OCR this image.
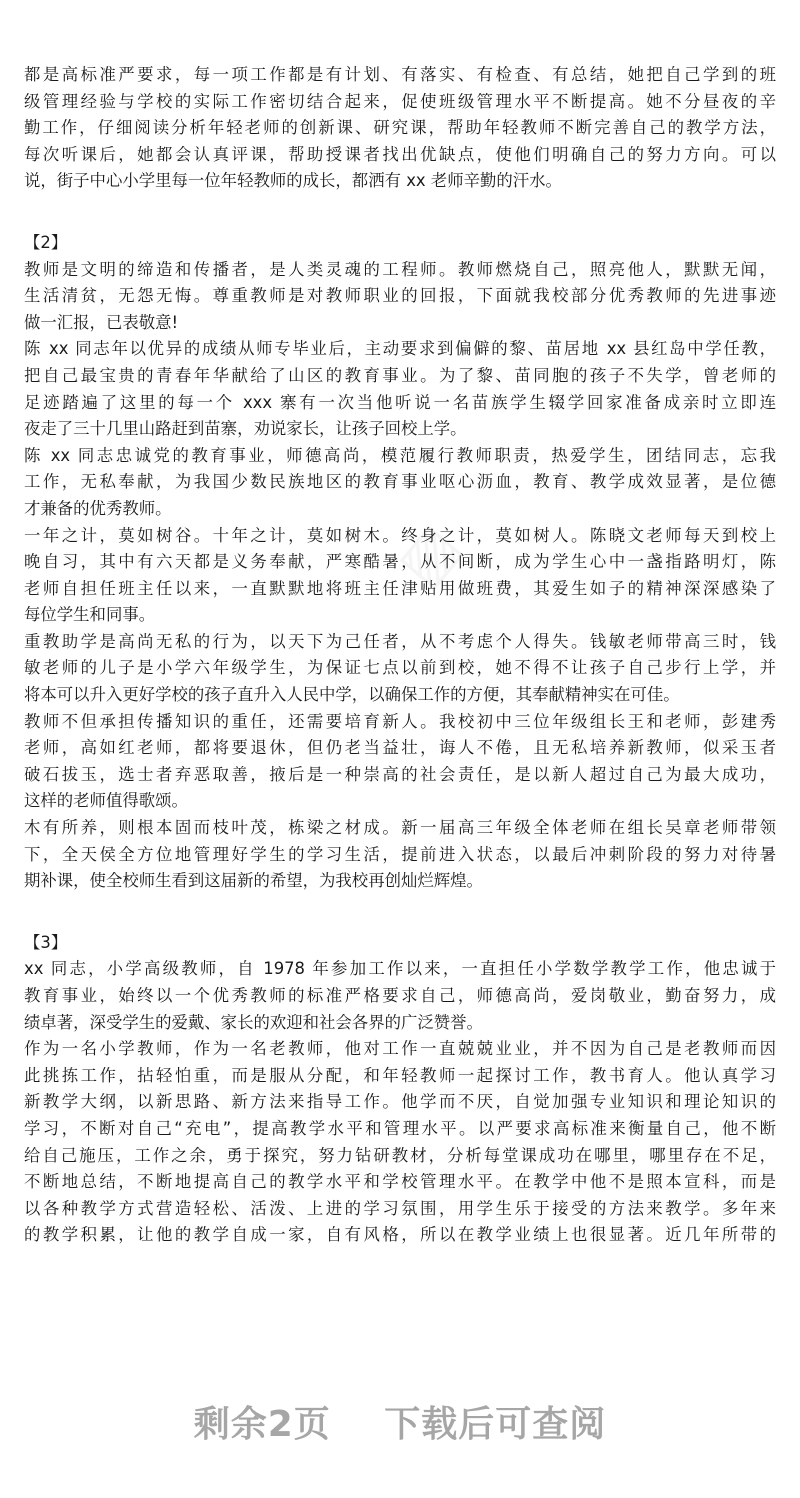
都是高标准严要求，每一项工作都是有计划、有落实、有检查、有总结，她把自己学到的班
级管理经验与学校的实际工作密切结合起来，促使班级管理水平不断提高。她不分昼夜的辛
勤工作，仔细阅读分析年轻老师的创新课、研究课，帮助年轻教师不断完善自己的教学方法，
每次听课后，她都会认真评课，帮助授课者找出优缺点，使他们明确自己的努力方向。可以
说，街子中心小学里每一位年轻教师的成长，都洒有 xx 老师辛勤的汗水。
【2】
教师是文明的缔造和传播者，是人类灵魂的工程师。教师燃烧自己，照亮他人，默默无闻，
生活清贫，无怨无悔。尊重教师是对教师职业的回报，下面就我校部分优秀教师的先进事迹
做一汇报，已表敬意!
陈 xx 同志年以优异的成绩从师专毕业后，主动要求到偏僻的黎、苗居地 xx 县红岛中学任教，
把自己最宝贵的青春年华献给了山区的教育事业。为了黎、苗同胞的孩子不失学，曾老师的
足迹踏遍了这里的每一个 xxx 寨有一次当他听说一名苗族学生辍学回家准备成亲时立即连
夜走了三十几里山路赶到苗寨，劝说家长，让孩子回校上学。
陈 xx 同志忠诚党的教育事业，师德高尚，模范履行教师职责，热爱学生，团结同志，忘我
工作，无私奉献，为我国少数民族地区的教育事业呕心沥血，教育、教学成效显著，是位德
才兼备的优秀教师。
一年之计，莫如树谷。十年之计，莫如树木。终身之计，莫如树人。陈晓文老师每天到校上
晚自习，其中有六天都是义务奉献，严寒酷暑，从不间断，成为学生心中一盏指路明灯，陈
老师自担任班主任以来，一直默默地将班主任津贴用做班费，其爱生如子的精神深深感染了
每位学生和同事。
重教助学是高尚无私的行为，以天下为己任者，从不考虑个人得失。钱敏老师带高三时，钱
敏老师的儿子是小学六年级学生，为保证七点以前到校，她不得不让孩子自己步行上学，并
将本可以升入更好学校的孩子直升入人民中学，以确保工作的方便，其奉献精神实在可佳。
教师不但承担传播知识的重任，还需要培育新人。我校初中三位年级组长王和老师，彭建秀
老师，高如红老师，都将要退休，但仍老当益壮，诲人不倦，且无私培养新教师，似采玉者
破石拔玉，选士者弃恶取善，掖后是一种崇高的社会责任，是以新人超过自己为最大成功，
这样的老师值得歌颂。
木有所养，则根本固而枝叶茂，栋梁之材成。新一届高三年级全体老师在组长吴章老师带领
下，全天侯全方位地管理好学生的学习生活，提前进入状态，以最后冲刺阶段的努力对待暑
期补课，使全校师生看到这届新的希望，为我校再创灿烂辉煌。
【3】
xx 同志，小学高级教师，自 1978 年参加工作以来，一直担任小学数学教学工作，他忠诚于
教育事业，始终以一个优秀教师的标准严格要求自己，师德高尚，爱岗敬业，勤奋努力，成
绩卓著，深受学生的爱戴、家长的欢迎和社会各界的广泛赞誉。
作为一名小学教师，作为一名老教师，他对工作一直兢兢业业，并不因为自己是老教师而因
此挑拣工作，拈轻怕重，而是服从分配，和年轻教师一起探讨工作，教书育人。他认真学习
新教学大纲，以新思路、新方法来指导工作。他学而不厌，自觉加强专业知识和理论知识的
学习，不断对自己“充电”，提高教学水平和管理水平。以严要求高标准来衡量自己，他不断
给自己施压，工作之余，勇于探究，努力钻研教材，分析每堂课成功在哪里，哪里存在不足，
不断地总结，不断地提高自己的教学水平和学校管理水平。在教学中他不是照本宣科，而是
以各种教学方式营造轻松、活泼、上进的学习氛围，用学生乐于接受的方法来教学。多年来
的教学积累，让他的教学自成一家，自有风格，所以在教学业绩上也很显著。近几年所带的
剩余2页 下载后可查阅
